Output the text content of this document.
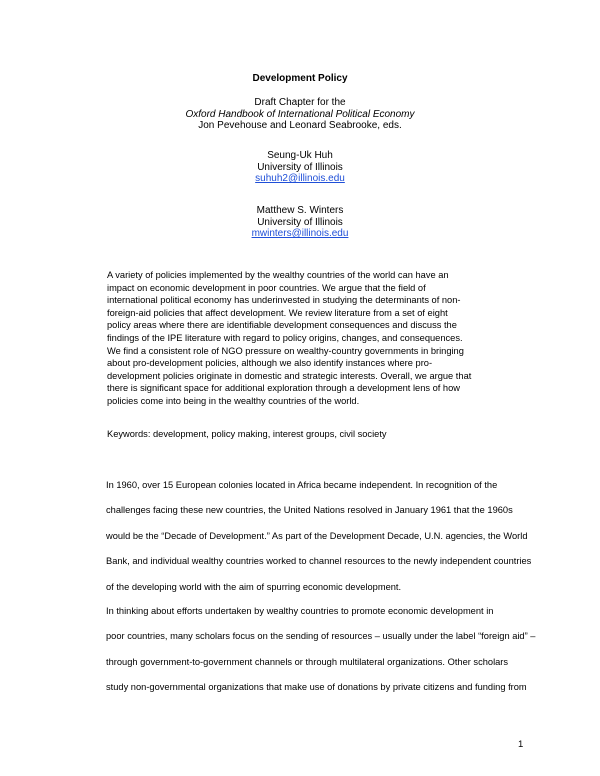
Development Policy
Draft Chapter for the
Oxford Handbook of International Political Economy
Jon Pevehouse and Leonard Seabrooke, eds.
Seung-Uk Huh
University of Illinois
suhuh2@illinois.edu
Matthew S. Winters
University of Illinois
mwinters@illinois.edu
A variety of policies implemented by the wealthy countries of the world can have an
impact on economic development in poor countries. We argue that the field of
international political economy has underinvested in studying the determinants of non-
foreign-aid policies that affect development. We review literature from a set of eight
policy areas where there are identifiable development consequences and discuss the
findings of the IPE literature with regard to policy origins, changes, and consequences.
We find a consistent role of NGO pressure on wealthy-country governments in bringing
about pro-development policies, although we also identify instances where pro-
development policies originate in domestic and strategic interests. Overall, we argue that
there is significant space for additional exploration through a development lens of how
policies come into being in the wealthy countries of the world.
Keywords: development, policy making, interest groups, civil society
In 1960, over 15 European colonies located in Africa became independent. In recognition of the
challenges facing these new countries, the United Nations resolved in January 1961 that the 1960s
would be the “Decade of Development.” As part of the Development Decade, U.N. agencies, the World
Bank, and individual wealthy countries worked to channel resources to the newly independent countries
of the developing world with the aim of spurring economic development.
In thinking about efforts undertaken by wealthy countries to promote economic development in
poor countries, many scholars focus on the sending of resources – usually under the label “foreign aid” –
through government-to-government channels or through multilateral organizations. Other scholars
study non-governmental organizations that make use of donations by private citizens and funding from
1
